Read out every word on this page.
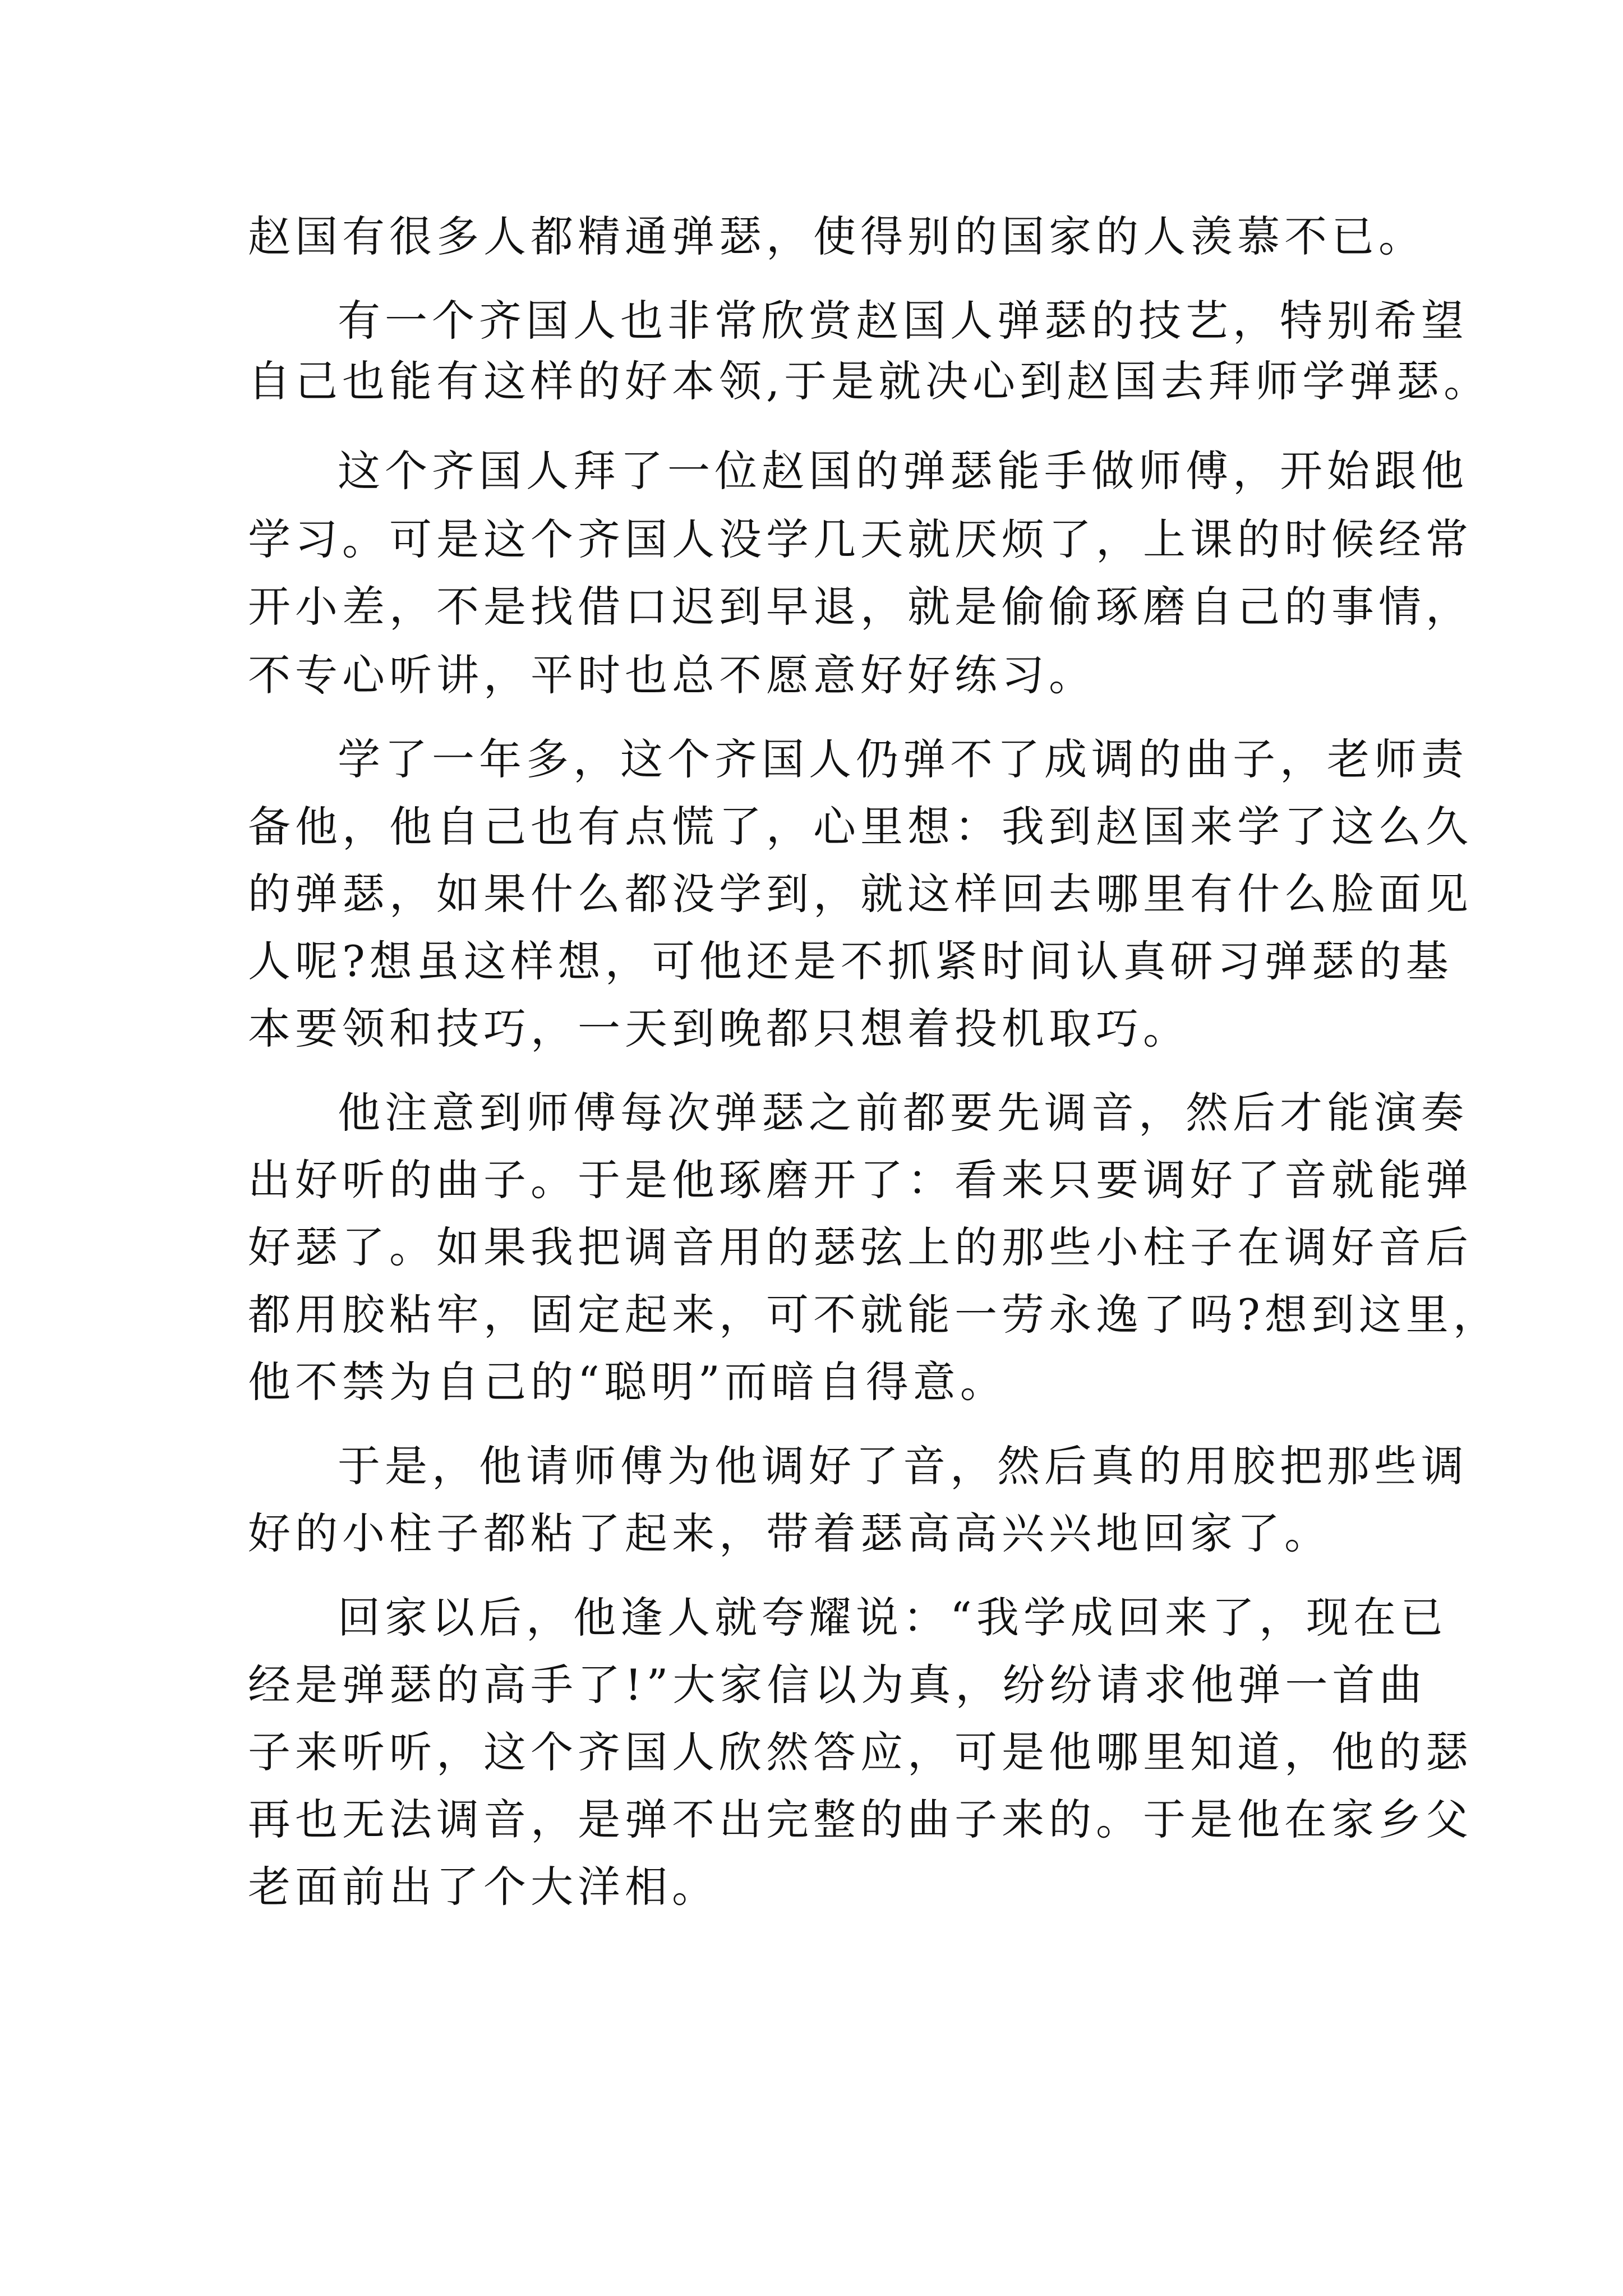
赵国有很多人都精通弹瑟，使得别的国家的人羡慕不已。
有一个齐国人也非常欣赏赵国人弹瑟的技艺，特别希望
自己也能有这样的好本领,于是就决心到赵国去拜师学弹瑟。
这个齐国人拜了一位赵国的弹瑟能手做师傅，开始跟他
学习。可是这个齐国人没学几天就厌烦了，上课的时候经常
开小差，不是找借口迟到早退，就是偷偷琢磨自己的事情，
不专心听讲，平时也总不愿意好好练习。
学了一年多，这个齐国人仍弹不了成调的曲子，老师责
备他，他自己也有点慌了，心里想：我到赵国来学了这么久
的弹瑟，如果什么都没学到，就这样回去哪里有什么脸面见
人呢?想虽这样想，可他还是不抓紧时间认真研习弹瑟的基
本要领和技巧，一天到晚都只想着投机取巧。
他注意到师傅每次弹瑟之前都要先调音，然后才能演奏
出好听的曲子。于是他琢磨开了：看来只要调好了音就能弹
好瑟了。如果我把调音用的瑟弦上的那些小柱子在调好音后
都用胶粘牢，固定起来，可不就能一劳永逸了吗?想到这里，
他不禁为自己的“聪明”而暗自得意。
于是，他请师傅为他调好了音，然后真的用胶把那些调
好的小柱子都粘了起来，带着瑟高高兴兴地回家了。
回家以后，他逢人就夸耀说：“我学成回来了，现在已
经是弹瑟的高手了!”大家信以为真，纷纷请求他弹一首曲
子来听听，这个齐国人欣然答应，可是他哪里知道，他的瑟
再也无法调音，是弹不出完整的曲子来的。于是他在家乡父
老面前出了个大洋相。
